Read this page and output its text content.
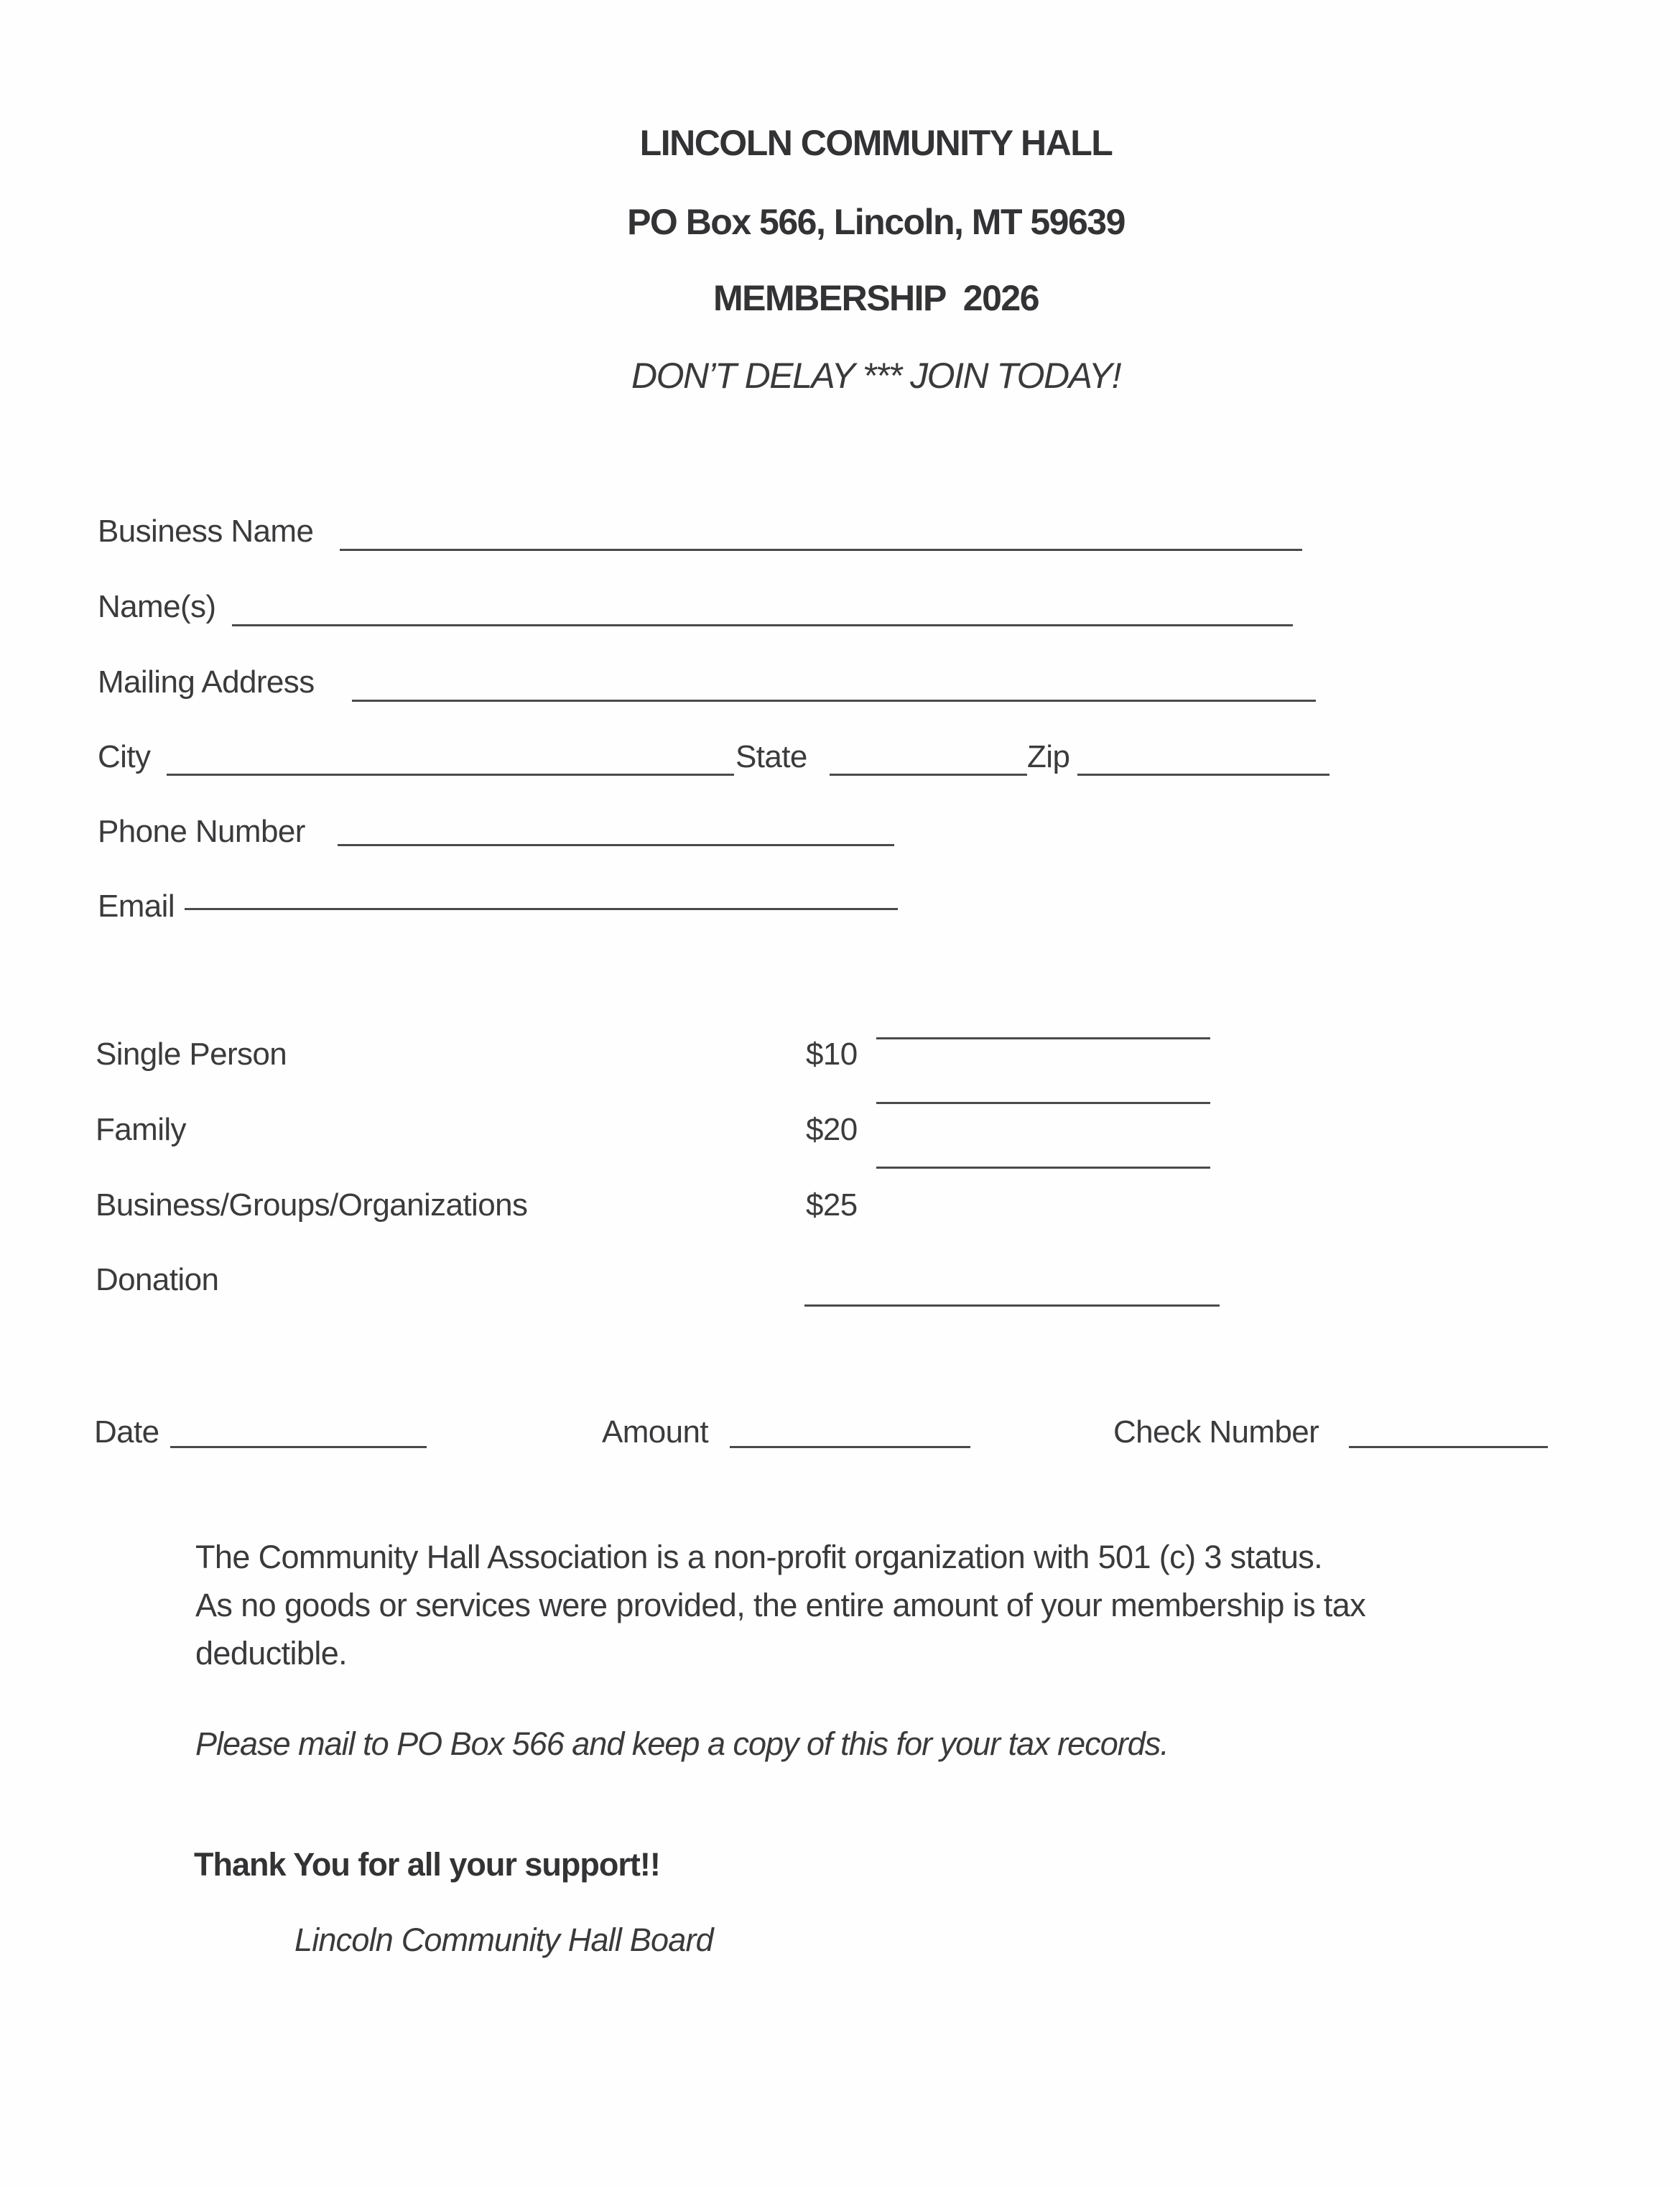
LINCOLN COMMUNITY HALL
PO Box 566, Lincoln, MT 59639
MEMBERSHIP  2026
DON’T DELAY *** JOIN TODAY!
Business Name
Name(s)
Mailing Address
City	State	Zip
Phone Number
Email
Single Person	$10
Family	$20
Business/Groups/Organizations	$25
Donation
Date	Amount	Check Number

The Community Hall Association is a non-profit organization with 501 (c) 3 status.

As no goods or services were provided, the entire amount of your membership is tax

deductible.

Please mail to PO Box 566 and keep a copy of this for your tax records.
Thank You for all your support!!
Lincoln Community Hall Board
